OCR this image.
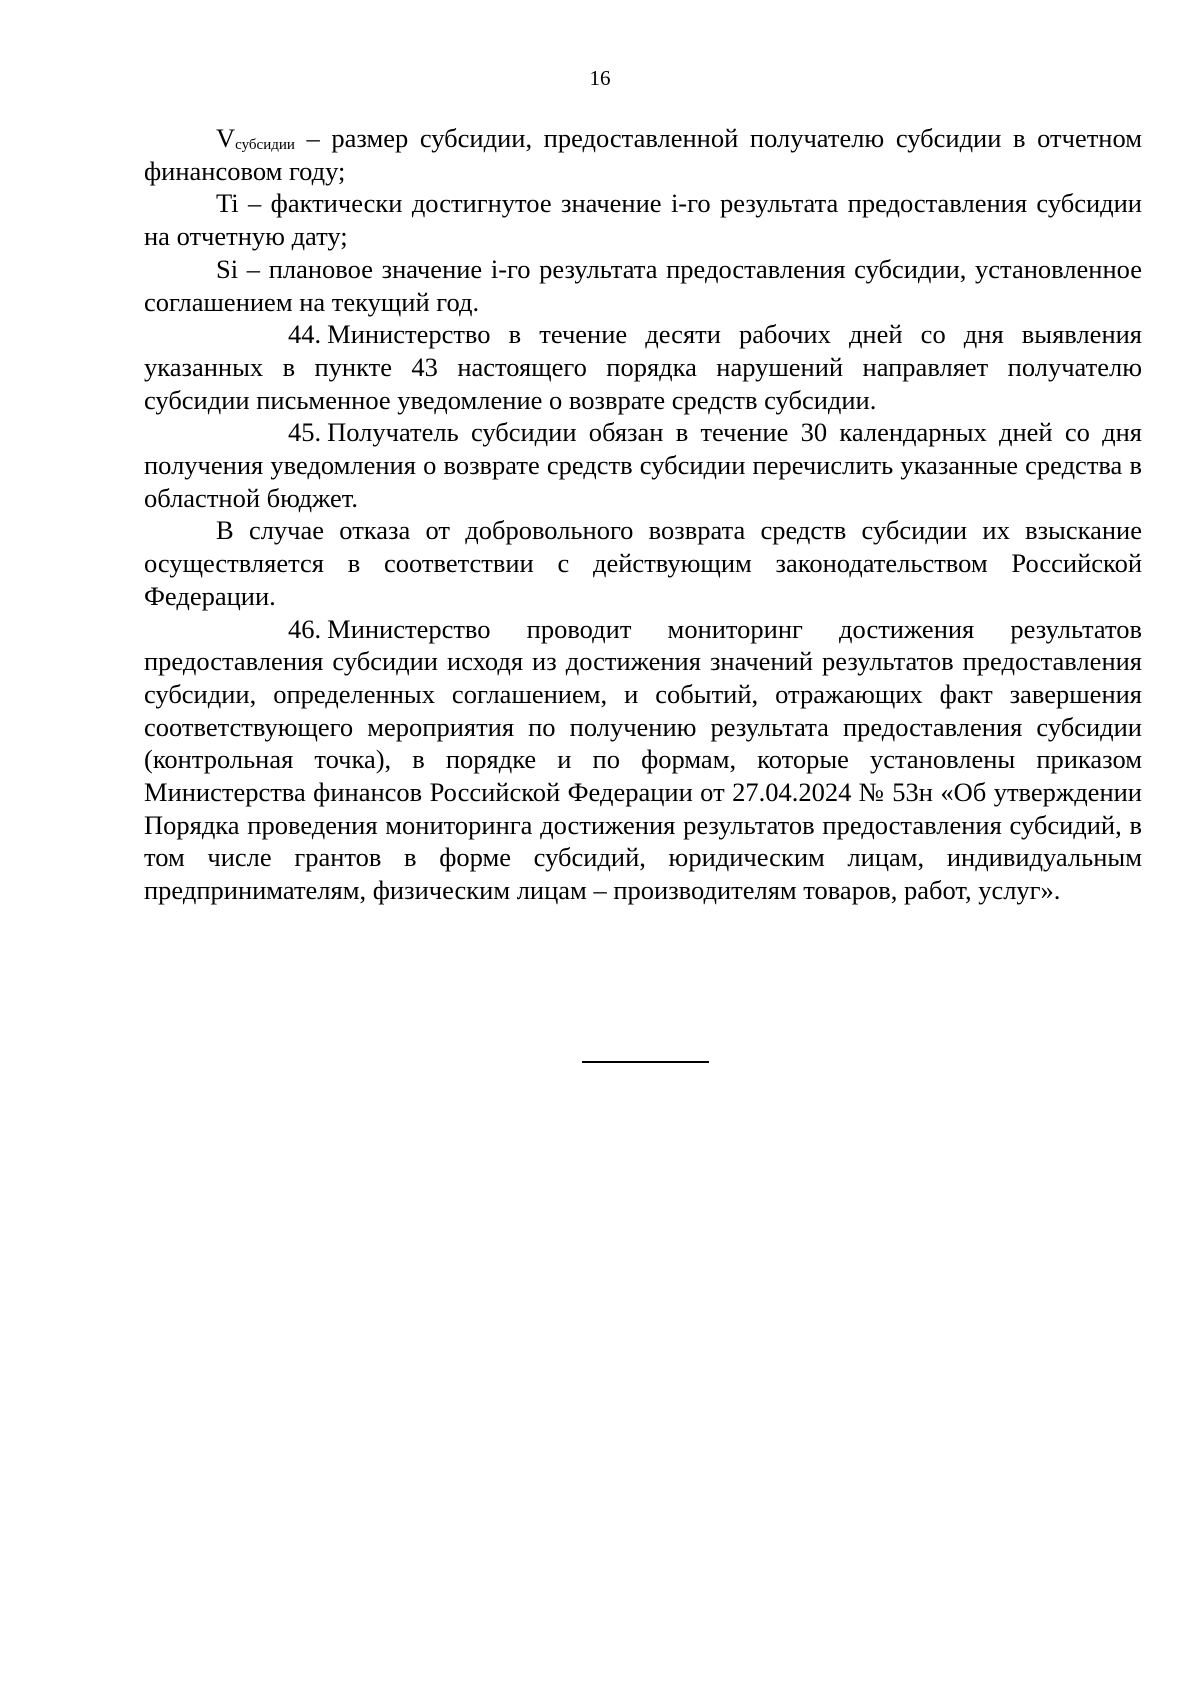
16

$V_{субсидии}$ – размер субсидии, предоставленной получателю субсидии в отчетном финансовом году;

Ti – фактически достигнутое значение i-го результата предоставления субсидии на отчетную дату;

Si – плановое значение i-го результата предоставления субсидии, установленное соглашением на текущий год.

44. Министерство в течение десяти рабочих дней со дня выявления указанных в пункте 43 настоящего порядка нарушений направляет получателю субсидии письменное уведомление о возврате средств субсидии.

45. Получатель субсидии обязан в течение 30 календарных дней со дня получения уведомления о возврате средств субсидии перечислить указанные средства в областной бюджет.

В случае отказа от добровольного возврата средств субсидии их взыскание осуществляется в соответствии с действующим законодательством Российской Федерации.

46. Министерство проводит мониторинг достижения результатов предоставления субсидии исходя из достижения значений результатов предоставления субсидии, определенных соглашением, и событий, отражающих факт завершения соответствующего мероприятия по получению результата предоставления субсидии (контрольная точка), в порядке и по формам, которые установлены приказом Министерства финансов Российской Федерации от 27.04.2024 № 53н «Об утверждении Порядка проведения мониторинга достижения результатов предоставления субсидий, в том числе грантов в форме субсидий, юридическим лицам, индивидуальным предпринимателям, физическим лицам – производителям товаров, работ, услуг».
